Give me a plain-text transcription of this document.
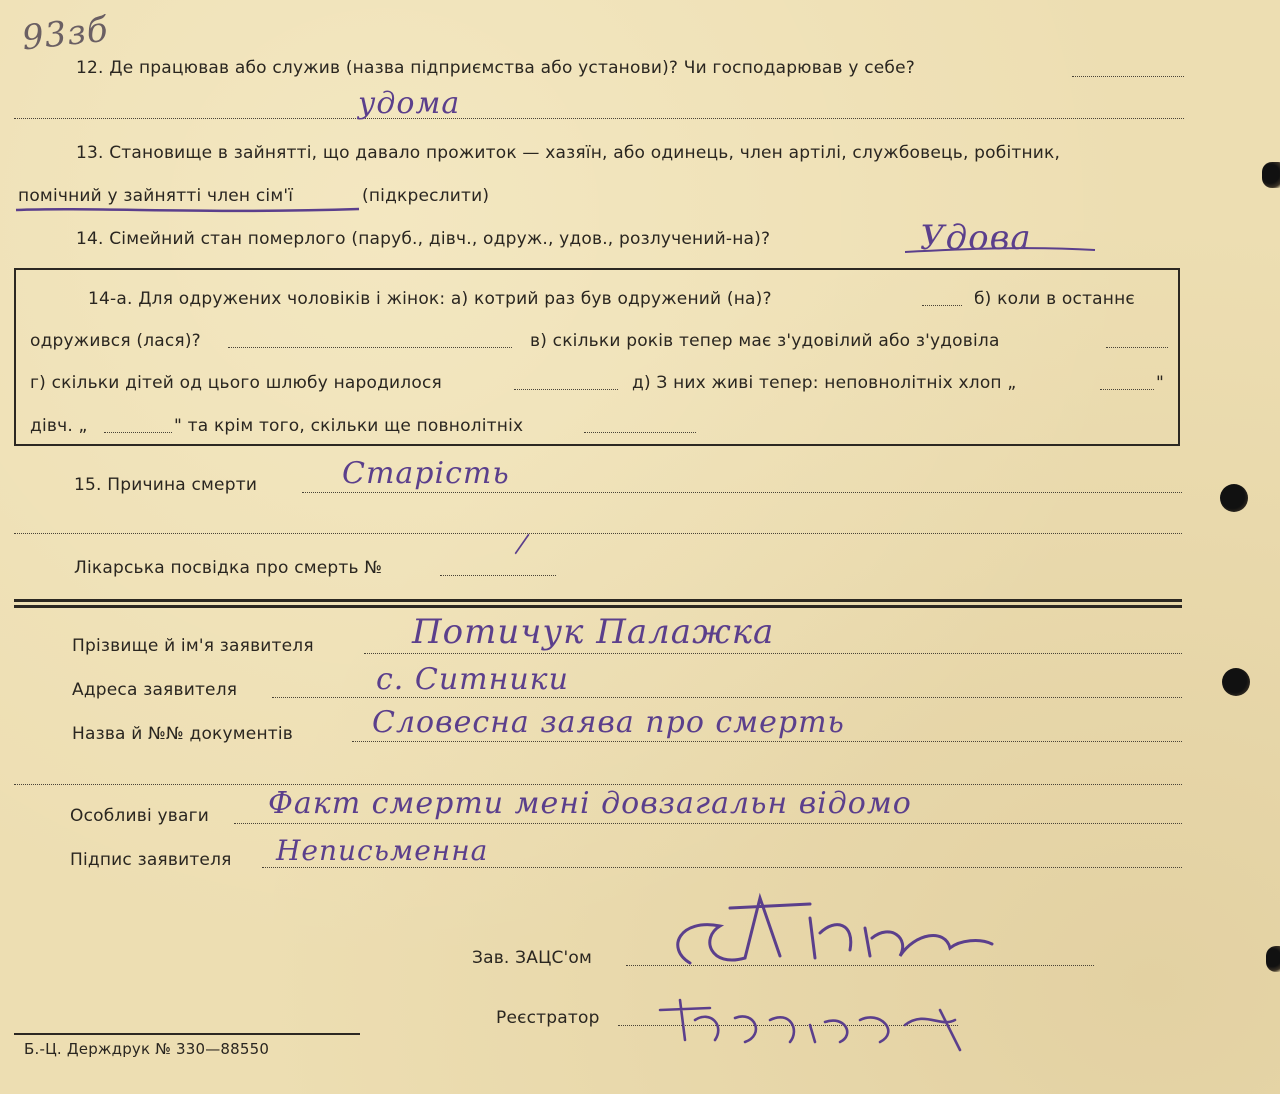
93зб
12. Де працював або служив (назва підприємства або установи)? Чи господарював у себе?
удома
13. Становище в зайнятті, що давало прожиток — хазяїн, або одинець, член артілі, службовець, робітник,
помічний у зайнятті член сім'ї	(підкреслити)
14. Сімейний стан померлого (паруб., дівч., одруж., удов., розлучений-на)?	Удова
14-а. Для одружених чоловіків і жінок: а) котрий раз був одружений (на)?	б) коли в останнє
одружився (лася)?	в) скільки років тепер має з'удовілий або з'удовіла
г) скільки дітей од цього шлюбу народилося	д) З них живі тепер: неповнолітніх хлоп „	"
дівч. „	" та крім того, скільки ще повнолітніх
15. Причина смерти	Старість
Лікарська посвідка про смерть №
—
Прізвище й ім'я заявителя	Потичук Палажка
Адреса заявителя	с. Ситники
Назва й №№ документів	Словесна заява про смерть
Особливі уваги Факт смерти мені довзагальн відомо
Підпис заявителя Неписьменна
Зав. ЗАЦС'ом
Реєстратор
Б.-Ц. Держдрук № 330—88550
